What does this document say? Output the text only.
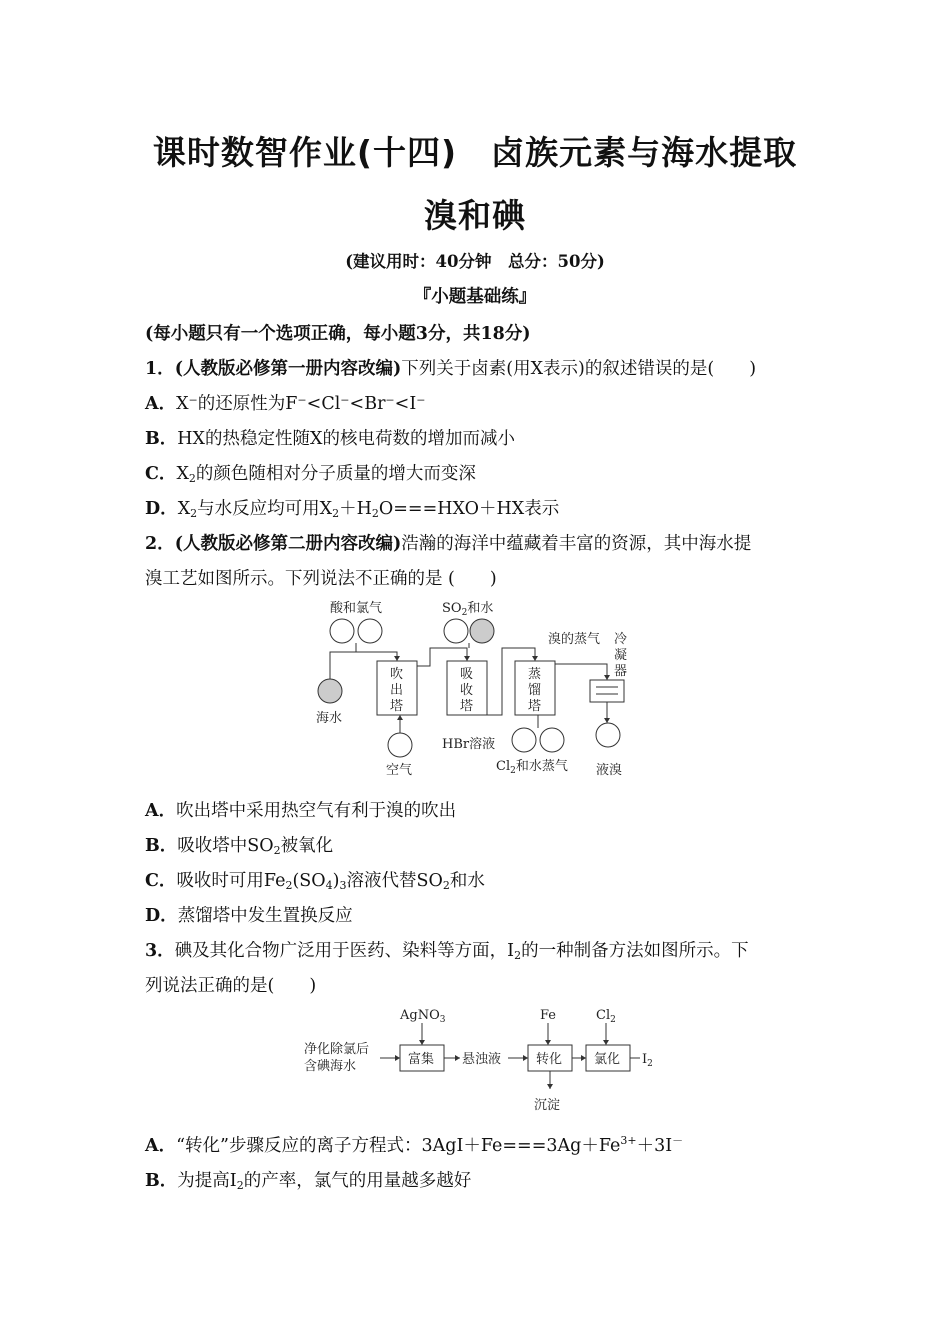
课时数智作业(十四)　卤族元素与海水提取
溴和碘
(建议用时：40分钟　总分：50分)
『小题基础练』
(每小题只有一个选项正确，每小题3分，共18分)
1．(人教版必修第一册内容改编)下列关于卤素(用X表示)的叙述错误的是(　　)
A．X⁻的还原性为F⁻<Cl⁻<Br⁻<I⁻
B．HX的热稳定性随X的核电荷数的增加而减小
C．$X_2$的颜色随相对分子质量的增大而变深
D．$X_2$与水反应均可用$X_2+H_2O===HXO+HX$表示
2．(人教版必修第二册内容改编)浩瀚的海洋中蕴藏着丰富的资源，其中海水提
溴工艺如图所示。下列说法不正确的是 (　　)
酸和氯气	$SO_2$和水
溴的蒸气 冷
凝
器
吹
出
塔
吸
收
塔
蒸
馏
塔
海水
空气
HBr溶液
$Cl_2$和水蒸气 液溴
A．吹出塔中采用热空气有利于溴的吹出
B．吸收塔中$SO_2$被氧化
C．吸收时可用$Fe_2(SO_4)_3$溶液代替$SO_2$和水
D．蒸馏塔中发生置换反应
3．碘及其化合物广泛用于医药、染料等方面，$I_2$的一种制备方法如图所示。下
列说法正确的是(　　)
AgNO$_3$	Fe	$Cl_2$
净化除氯后
含碘海水	富集 悬浊液	转化 氯化 $I_2$
沉淀
A．“转化”步骤反应的离子方程式：$3AgI+Fe===3Ag+Fe^{3+}+3I^-$
B．为提高$I_2$的产率，氯气的用量越多越好
